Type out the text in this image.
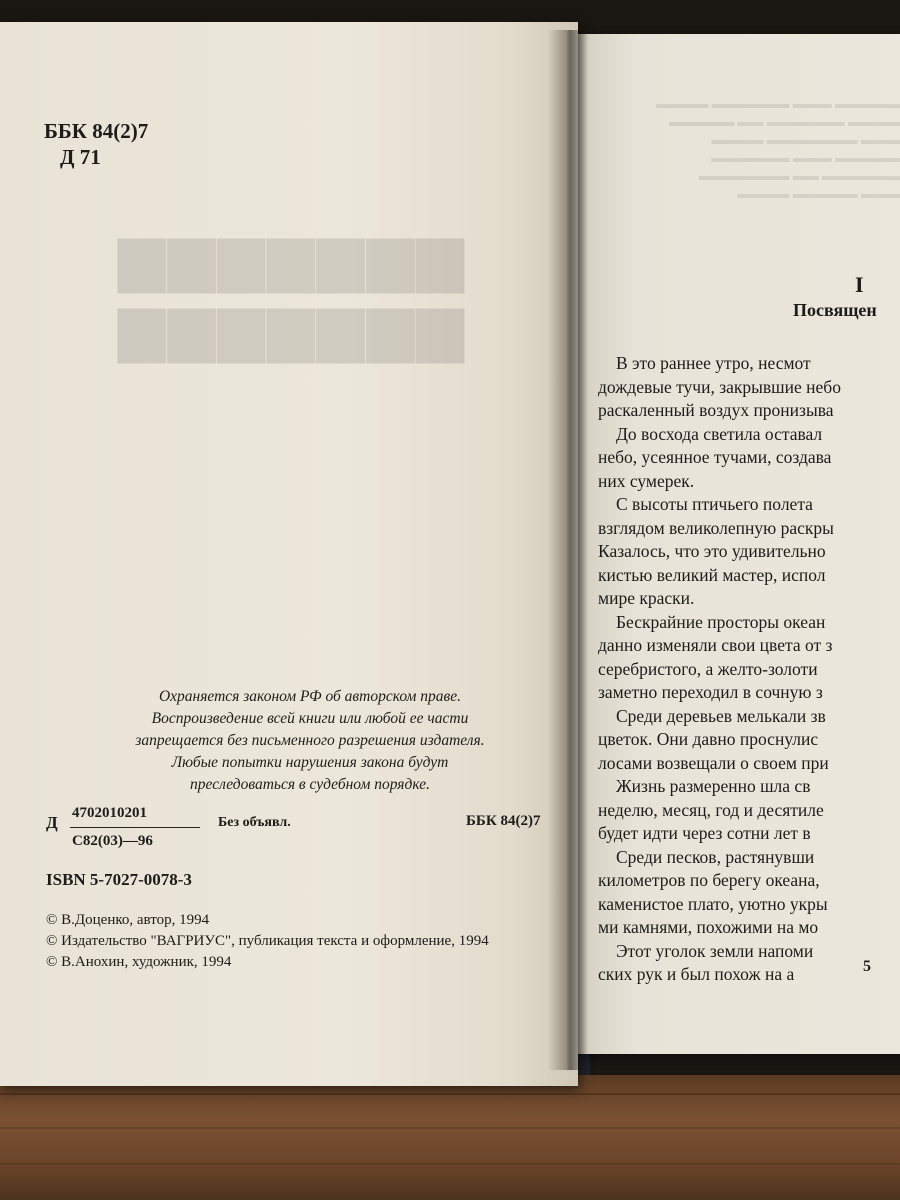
▆▆▆▆▆▆▆
▆▆▆▆▆▆▆
ББК 84(2)7
Д 71
Охраняется законом РФ об авторском праве.
Воспроизведение всей книги или любой ее части
запрещается без письменного разрешения издателя.
Любые попытки нарушения закона будут
преследоваться в судебном порядке.
Д 4702010201
С82(03)—96
Без объявл.	ББК 84(2)7
ISBN 5-7027-0078-3
© В.Доценко, автор, 1994
© Издательство "ВАГРИУС", публикация текста и оформление, 1994
© В.Анохин, художник, 1994
▬▬▬▬▬ ▬▬▬ ▬▬▬▬▬▬ ▬▬▬▬
▬▬▬▬ ▬▬▬▬▬▬ ▬▬ ▬▬▬▬▬
▬▬▬ ▬▬▬▬▬▬▬ ▬▬▬▬
▬▬▬▬▬ ▬▬▬ ▬▬▬▬▬▬
▬▬▬▬▬▬ ▬▬ ▬▬▬▬▬▬▬
▬▬▬ ▬▬▬▬▬ ▬▬▬▬
I
Посвящен
В это раннее утро, несмот
дождевые тучи, закрывшие небо
раскаленный воздух пронизыва
До восхода светила оставал
небо, усеянное тучами, создава
них сумерек.
С высоты птичьего полета
взглядом великолепную раскры
Казалось, что это удивительно
кистью великий мастер, испол
мире краски.
Бескрайние просторы океан
данно изменяли свои цвета от з
серебристого, а желто-золоти
заметно переходил в сочную з
Среди деревьев мелькали зв
цветок. Они давно проснулис
лосами возвещали о своем при
Жизнь размеренно шла св
неделю, месяц, год и десятиле
будет идти через сотни лет в
Среди песков, растянувши
километров по берегу океана,
каменистое плато, уютно укры
ми камнями, похожими на мо
Этот уголок земли напоми
ских рук и был похож на а	5
